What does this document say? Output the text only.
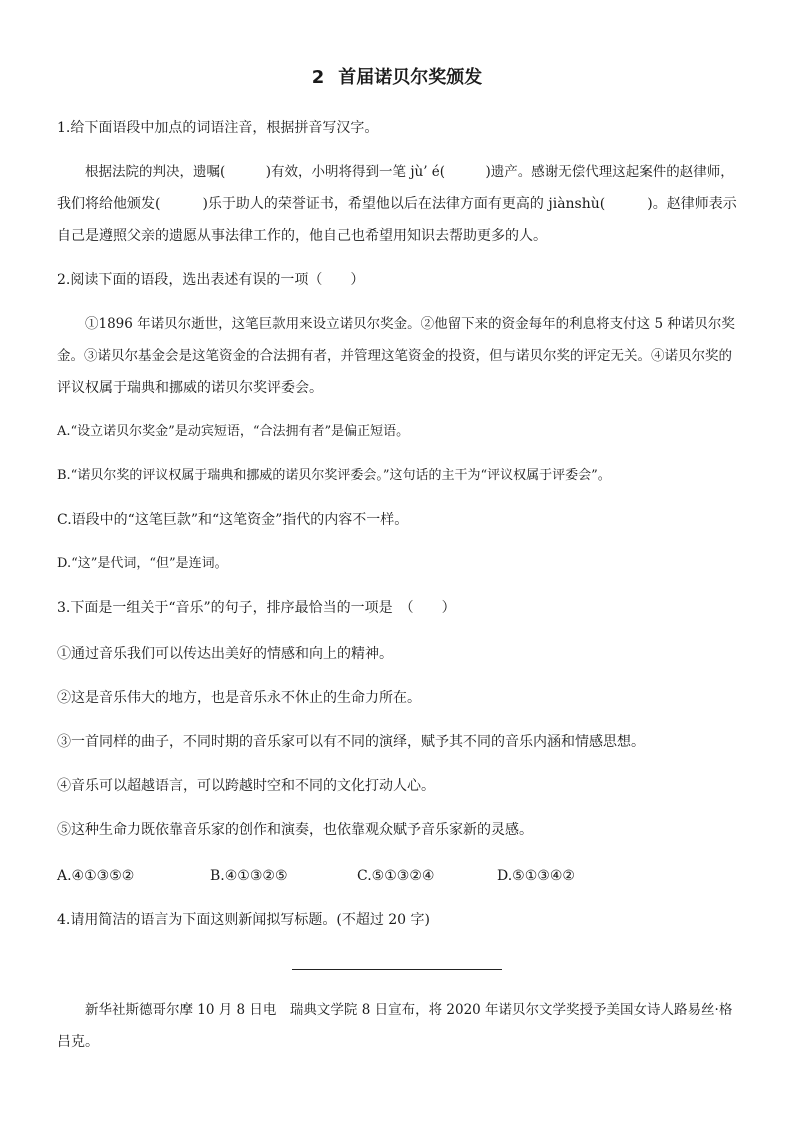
2 首届诺贝尔奖颁发
1.给下面语段中加点的词语注音，根据拼音写汉字。
根据法院的判决，遗嘱(　　　)有效，小明将得到一笔 jù’ é(　　　)遗产。感谢无偿代理这起案件的赵律师，
我们将给他颁发(　　　)乐于助人的荣誉证书，希望他以后在法律方面有更高的 jiànshù(　　　)。赵律师表示
自己是遵照父亲的遗愿从事法律工作的，他自己也希望用知识去帮助更多的人。
2.阅读下面的语段，选出表述有误的一项（　　）
①1896 年诺贝尔逝世，这笔巨款用来设立诺贝尔奖金。②他留下来的资金每年的利息将支付这 5 种诺贝尔奖
金。③诺贝尔基金会是这笔资金的合法拥有者，并管理这笔资金的投资，但与诺贝尔奖的评定无关。④诺贝尔奖的
评议权属于瑞典和挪威的诺贝尔奖评委会。
A.“设立诺贝尔奖金”是动宾短语，“合法拥有者”是偏正短语。
B.“诺贝尔奖的评议权属于瑞典和挪威的诺贝尔奖评委会。”这句话的主干为“评议权属于评委会”。
C.语段中的“这笔巨款”和“这笔资金”指代的内容不一样。
D.“这”是代词，“但”是连词。
3.下面是一组关于“音乐”的句子，排序最恰当的一项是　（　　）
①通过音乐我们可以传达出美好的情感和向上的精神。
②这是音乐伟大的地方，也是音乐永不休止的生命力所在。
③一首同样的曲子，不同时期的音乐家可以有不同的演绎，赋予其不同的音乐内涵和情感思想。
④音乐可以超越语言，可以跨越时空和不同的文化打动人心。
⑤这种生命力既依靠音乐家的创作和演奏，也依靠观众赋予音乐家新的灵感。
A.④①③⑤②	B.④①③②⑤	C.⑤①③②④	D.⑤①③④②
4.请用简洁的语言为下面这则新闻拟写标题。(不超过 20 字)
新华社斯德哥尔摩 10 月 8 日电　瑞典文学院 8 日宣布，将 2020 年诺贝尔文学奖授予美国女诗人路易丝·格
吕克。
